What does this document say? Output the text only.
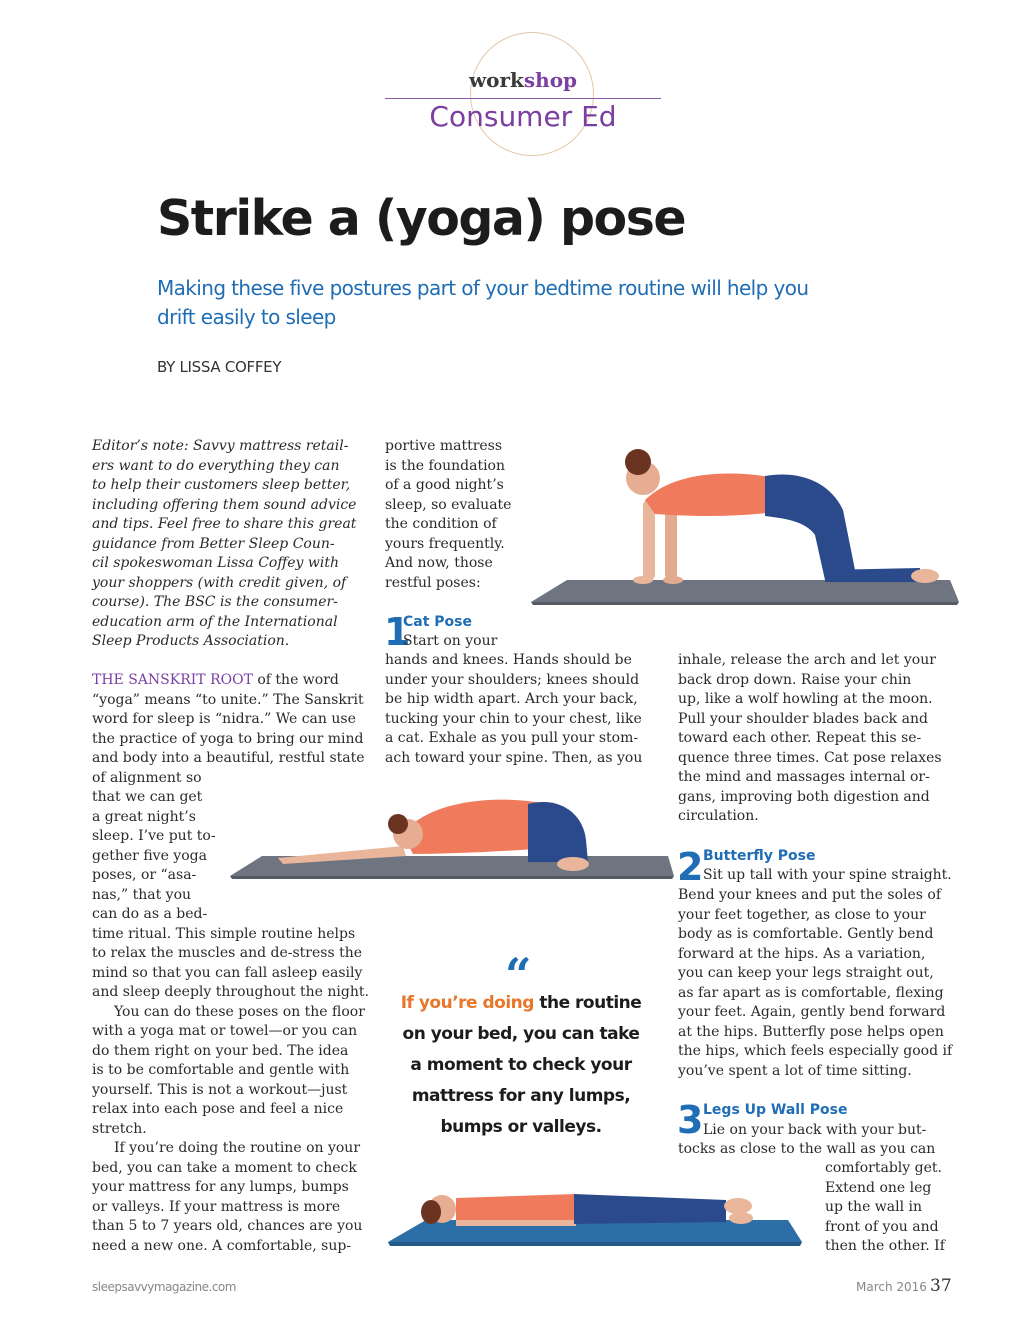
workshop
Consumer Ed
Strike a (yoga) pose
Making these five postures part of your bedtime routine will help you drift easily to sleep
BY LISSA COFFEY
Editor’s note: Savvy mattress retail-
ers want to do everything they can
to help their customers sleep better,
including offering them sound advice
and tips. Feel free to share this great
guidance from Better Sleep Coun-
cil spokeswoman Lissa Coffey with
your shoppers (with credit given, of
course). The BSC is the consumer-
education arm of the International
Sleep Products Association.
THE SANSKRIT ROOT of the word
“yoga” means “to unite.” The Sanskrit
word for sleep is “nidra.” We can use
the practice of yoga to bring our mind
and body into a beautiful, restful state
of alignment so
that we can get
a great night’s
sleep. I’ve put to-
gether five yoga
poses, or “asa-
nas,” that you
can do as a bed-
time ritual. This simple routine helps
to relax the muscles and de-stress the
mind so that you can fall asleep easily
and sleep deeply throughout the night.
You can do these poses on the floor
with a yoga mat or towel—or you can
do them right on your bed. The idea
is to be comfortable and gentle with
yourself. This is not a workout—just
relax into each pose and feel a nice
stretch.
If you’re doing the routine on your
bed, you can take a moment to check
your mattress for any lumps, bumps
or valleys. If your mattress is more
than 5 to 7 years old, chances are you
need a new one. A comfortable, sup-
portive mattress
is the foundation
of a good night’s
sleep, so evaluate
the condition of
yours frequently.
And now, those
restful poses:
1
Cat Pose
Start on your
hands and knees. Hands should be
under your shoulders; knees should
be hip width apart. Arch your back,
tucking your chin to your chest, like
a cat. Exhale as you pull your stom-
ach toward your spine. Then, as you
inhale, release the arch and let your
back drop down. Raise your chin
up, like a wolf howling at the moon.
Pull your shoulder blades back and
toward each other. Repeat this se-
quence three times. Cat pose relaxes
the mind and massages internal or-
gans, improving both digestion and
circulation.
2 Butterfly Pose
Sit up tall with your spine straight.
Bend your knees and put the soles of
your feet together, as close to your
body as is comfortable. Gently bend
forward at the hips. As a variation,
you can keep your legs straight out,
as far apart as is comfortable, flexing
your feet. Again, gently bend forward
at the hips. Butterfly pose helps open
the hips, which feels especially good if
you’ve spent a lot of time sitting.
3 Legs Up Wall Pose
Lie on your back with your but-
tocks as close to the wall as you can
comfortably get.
Extend one leg
up the wall in
front of you and
then the other. If
“
If you’re doing the routine
on your bed, you can take
a moment to check your
mattress for any lumps,
bumps or valleys.
sleepsavvymagazine.com	March 2016 37
